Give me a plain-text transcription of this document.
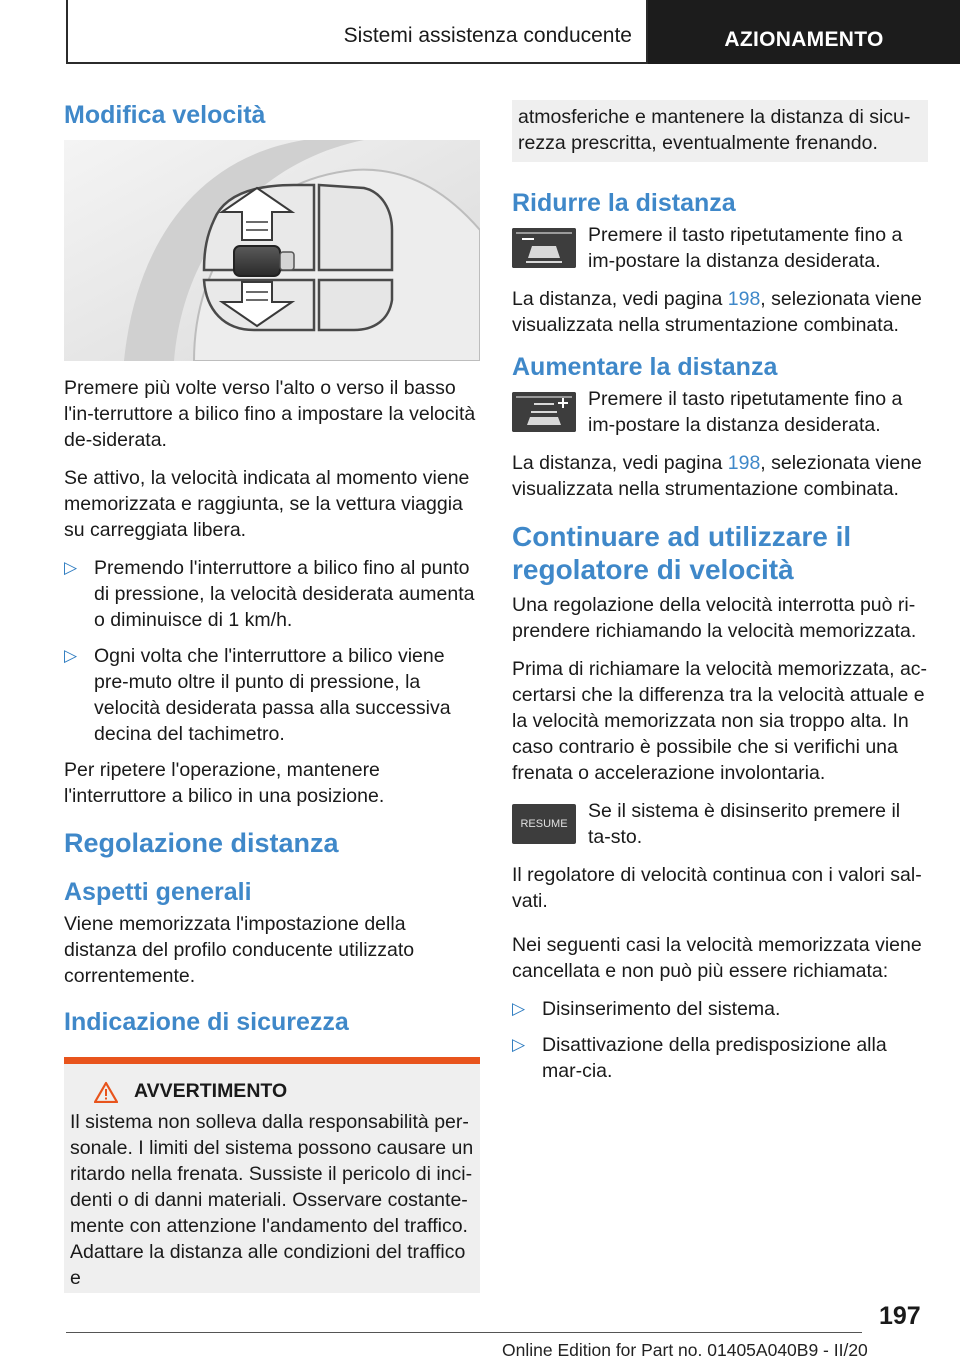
Sistemi assistenza conducente	AZIONAMENTO
Modifica velocità

Premere più volte verso l'alto o verso il basso l'in-terruttore a bilico fino a impostare la velocità de-siderata.

Se attivo, la velocità indicata al momento viene memorizzata e raggiunta, se la vettura viaggia su carreggiata libera.

▷ Premendo l'interruttore a bilico fino al punto di pressione, la velocità desiderata aumenta o diminuisce di 1 km/h.
▷ Ogni volta che l'interruttore a bilico viene pre-muto oltre il punto di pressione, la velocità desiderata passa alla successiva decina del tachimetro.

Per ripetere l'operazione, mantenere l'interruttore a bilico in una posizione.

Regolazione distanza
Aspetti generali

Viene memorizzata l'impostazione della distanza del profilo conducente utilizzato correntemente.

Indicazione di sicurezza
AVVERTIMENTO

Il sistema non solleva dalla responsabilità per-sonale. I limiti del sistema possono causare un ritardo nella frenata. Sussiste il pericolo di inci-denti o di danni materiali. Osservare costante-mente con attenzione l'andamento del traffico. Adattare la distanza alle condizioni del traffico e

atmosferiche e mantenere la distanza di sicu-rezza prescritta, eventualmente frenando.

Ridurre la distanza

Premere il tasto ripetutamente fino a im-postare la distanza desiderata.

La distanza, vedi pagina 198, selezionata viene visualizzata nella strumentazione combinata.

Aumentare la distanza

Premere il tasto ripetutamente fino a im-postare la distanza desiderata.

La distanza, vedi pagina 198, selezionata viene visualizzata nella strumentazione combinata.

Continuare ad utilizzare il regolatore di velocità

Una regolazione della velocità interrotta può ri-prendere richiamando la velocità memorizzata.

Prima di richiamare la velocità memorizzata, ac-certarsi che la differenza tra la velocità attuale e la velocità memorizzata non sia troppo alta. In caso contrario è possibile che si verifichi una frenata o accelerazione involontaria.

RESUME

Se il sistema è disinserito premere il ta-sto.

Il regolatore di velocità continua con i valori sal-vati.

Nei seguenti casi la velocità memorizzata viene cancellata e non può più essere richiamata:

▷ Disinserimento del sistema.
▷ Disattivazione della predisposizione alla mar-cia.
197
Online Edition for Part no. 01405A040B9 - II/20
